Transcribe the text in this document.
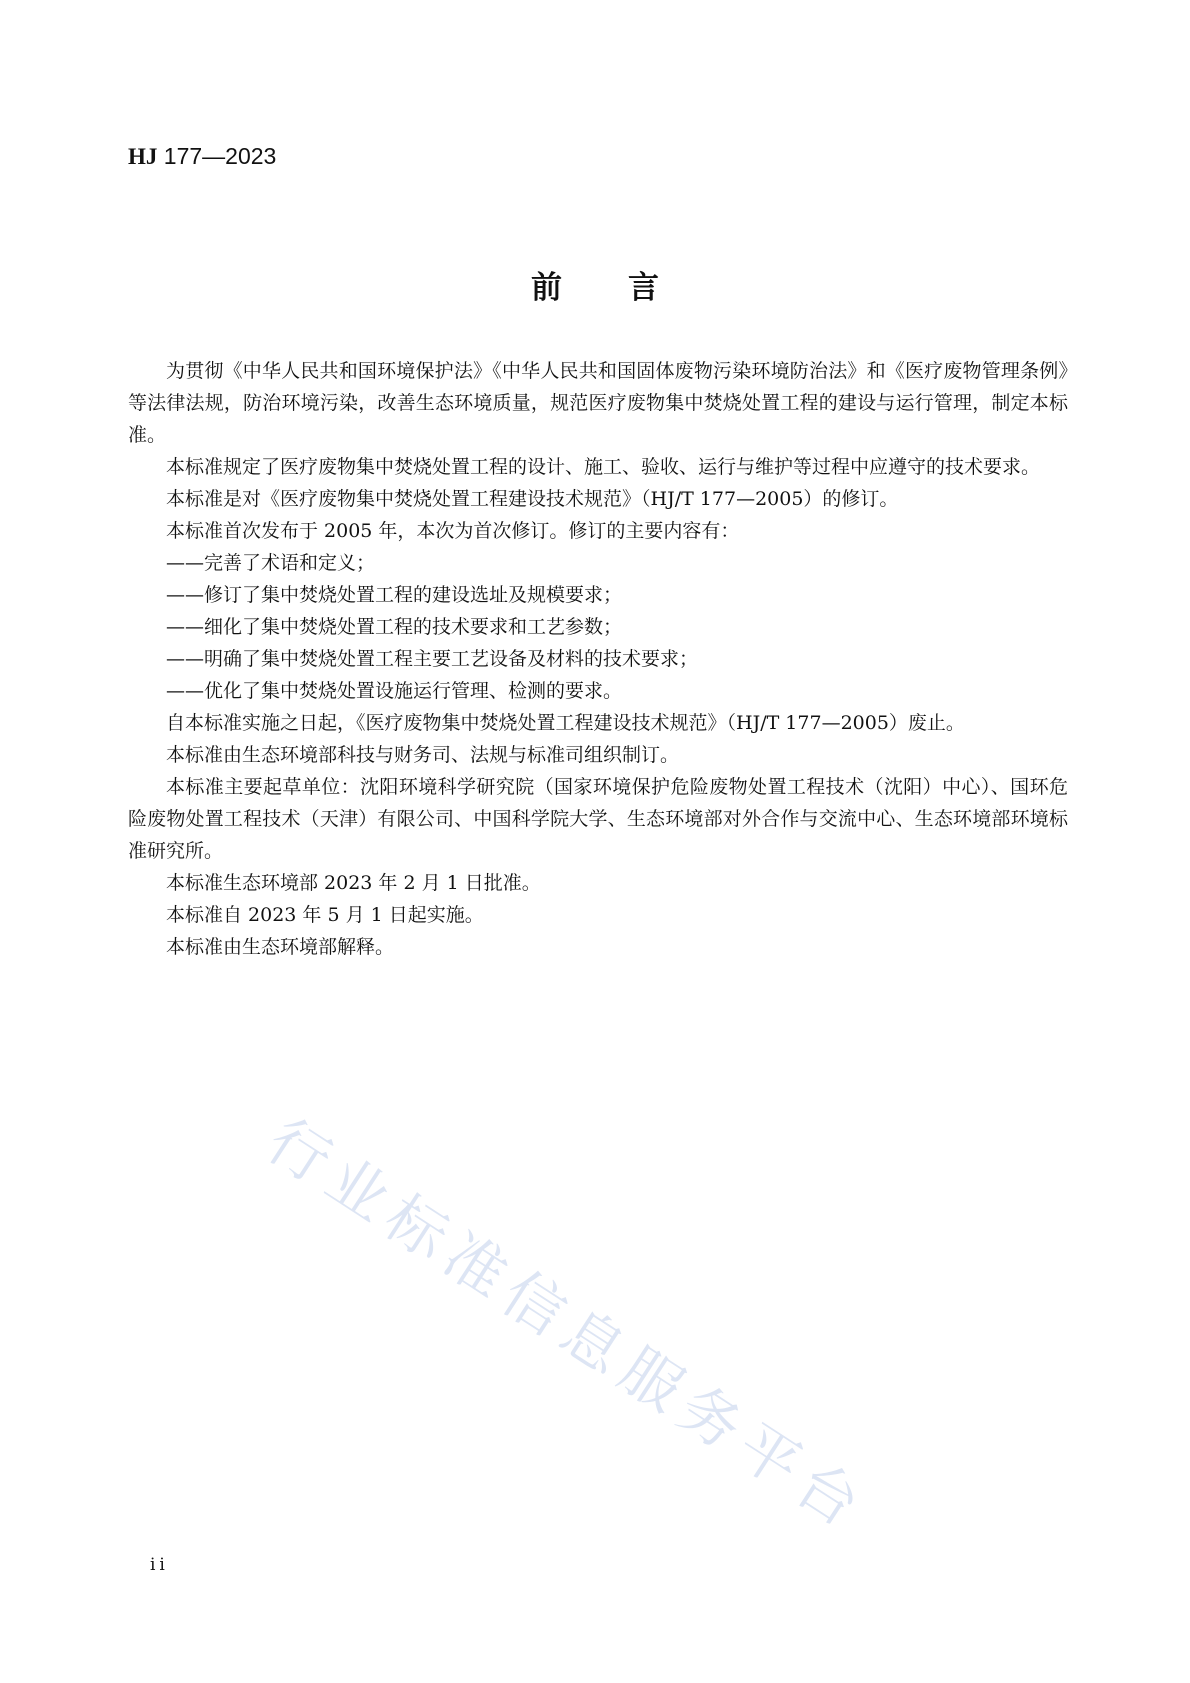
HJ 177—2023
前言

为贯彻《中华人民共和国环境保护法》《中华人民共和国固体废物污染环境防治法》和《医疗废物管理条例》等法律法规，防治环境污染，改善生态环境质量，规范医疗废物集中焚烧处置工程的建设与运行管理，制定本标准。

本标准规定了医疗废物集中焚烧处置工程的设计、施工、验收、运行与维护等过程中应遵守的技术要求。

本标准是对《医疗废物集中焚烧处置工程建设技术规范》（HJ/T 177—2005）的修订。

本标准首次发布于 2005 年，本次为首次修订。修订的主要内容有：

——完善了术语和定义；

——修订了集中焚烧处置工程的建设选址及规模要求；

——细化了集中焚烧处置工程的技术要求和工艺参数；

——明确了集中焚烧处置工程主要工艺设备及材料的技术要求；

——优化了集中焚烧处置设施运行管理、检测的要求。

自本标准实施之日起，《医疗废物集中焚烧处置工程建设技术规范》（HJ/T 177—2005）废止。

本标准由生态环境部科技与财务司、法规与标准司组织制订。

本标准主要起草单位：沈阳环境科学研究院（国家环境保护危险废物处置工程技术（沈阳）中心）、国环危险废物处置工程技术（天津）有限公司、中国科学院大学、生态环境部对外合作与交流中心、生态环境部环境标准研究所。

本标准生态环境部 2023 年 2 月 1 日批准。

本标准自 2023 年 5 月 1 日起实施。

本标准由生态环境部解释。

行业标准信息服务平台
ii
